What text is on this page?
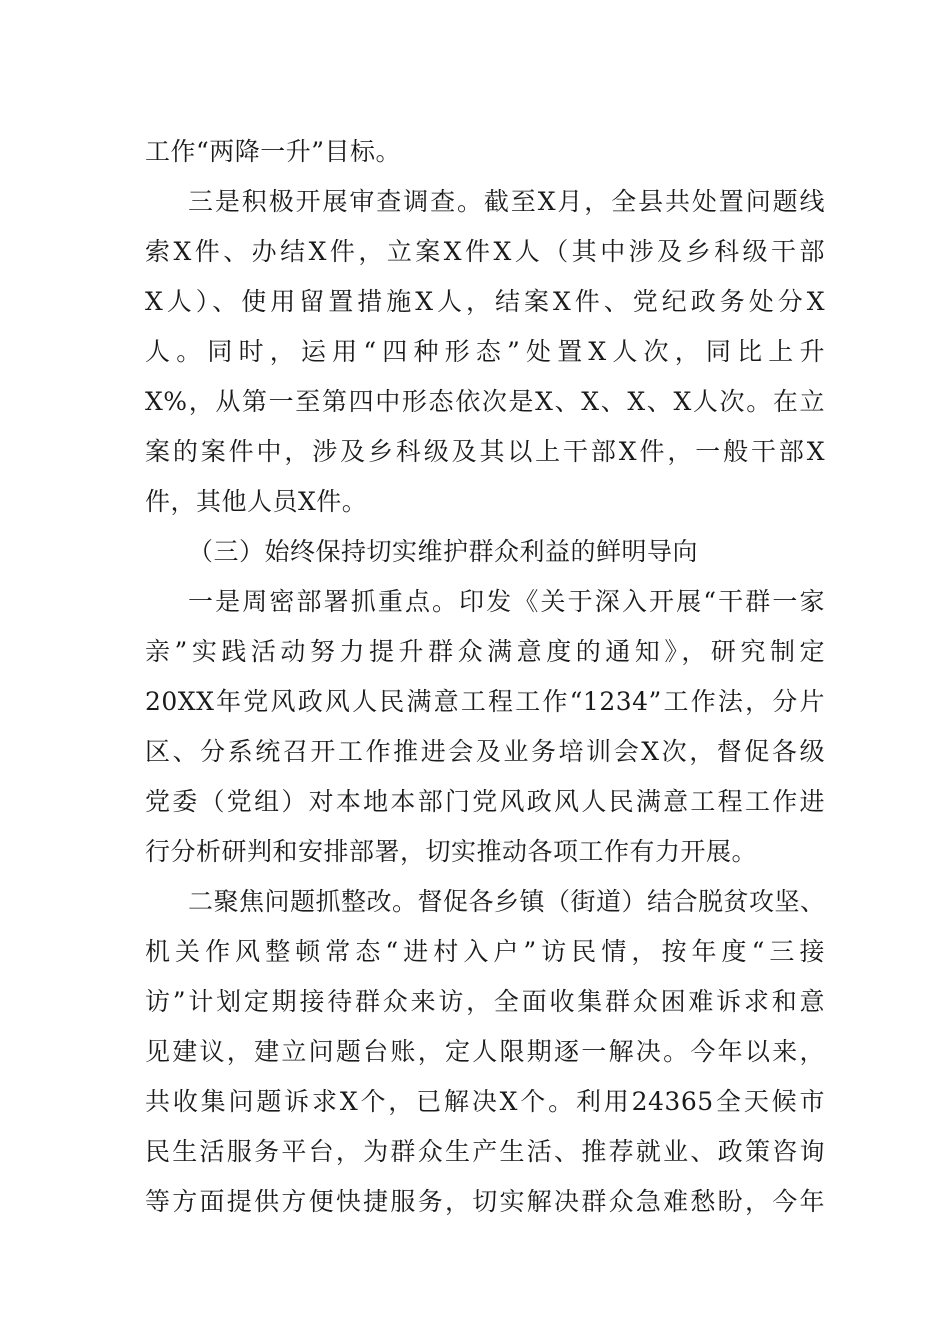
工作“两降一升”目标。
三是积极开展审查调查。截至X月，全县共处置问题线
索X件、办结X件，立案X件X人（其中涉及乡科级干部
X人）、使用留置措施X人，结案X件、党纪政务处分X
人。同时，运用“四种形态”处置X人次，同比上升
X%，从第一至第四中形态依次是X、X、X、X人次。在立
案的案件中，涉及乡科级及其以上干部X件，一般干部X
件，其他人员X件。
（三）始终保持切实维护群众利益的鲜明导向
一是周密部署抓重点。印发《关于深入开展“干群一家
亲”实践活动努力提升群众满意度的通知》，研究制定
20XX年党风政风人民满意工程工作“1234”工作法，分片
区、分系统召开工作推进会及业务培训会X次，督促各级
党委（党组）对本地本部门党风政风人民满意工程工作进
行分析研判和安排部署，切实推动各项工作有力开展。
二聚焦问题抓整改。督促各乡镇（街道）结合脱贫攻坚、
机关作风整顿常态“进村入户”访民情，按年度“三接
访”计划定期接待群众来访，全面收集群众困难诉求和意
见建议，建立问题台账，定人限期逐一解决。今年以来，
共收集问题诉求X个，已解决X个。利用24365全天候市
民生活服务平台，为群众生产生活、推荐就业、政策咨询
等方面提供方便快捷服务，切实解决群众急难愁盼，今年
